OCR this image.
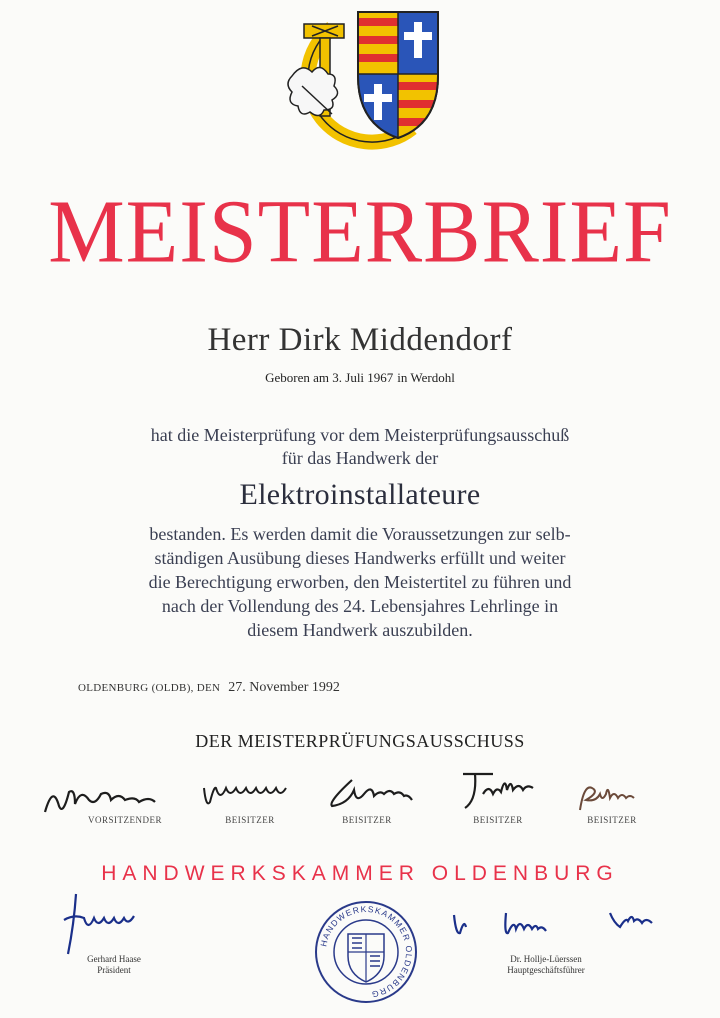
MEISTERBRIEF
Herr Dirk Middendorf
Geboren am 3. Juli 1967 in Werdohl
hat die Meisterprüfung vor dem Meisterprüfungsausschuß
für das Handwerk der
Elektroinstallateure
bestanden. Es werden damit die Voraussetzungen zur selb-
ständigen Ausübung dieses Handwerks erfüllt und weiter
die Berechtigung erworben, den Meistertitel zu führen und
nach der Vollendung des 24. Lebensjahres Lehrlinge in
diesem Handwerk auszubilden.
OLDENBURG (OLDB), DEN 27. November 1992
DER MEISTERPRÜFUNGSAUSSCHUSS
VORSITZENDER	BEISITZER	BEISITZER	BEISITZER	BEISITZER
HANDWERKSKAMMER OLDENBURG
Gerhard Haase
Präsident
HANDWERKSKAMMER OLDENBURG
Dr. Hollje-Lüerssen
Hauptgeschäftsführer
